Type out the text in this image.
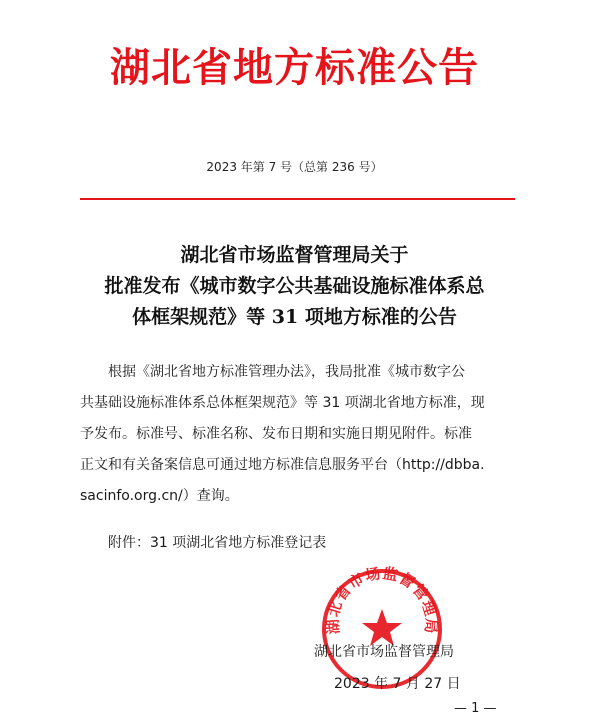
湖北省地方标准公告
2023 年第 7 号（总第 236 号）
湖北省市场监督管理局关于
批准发布《城市数字公共基础设施标准体系总
体框架规范》等 31 项地方标准的公告
根据《湖北省地方标准管理办法》，我局批准《城市数字公
共基础设施标准体系总体框架规范》等 31 项湖北省地方标准，现
予发布。标准号、标准名称、发布日期和实施日期见附件。标准
正文和有关备案信息可通过地方标准信息服务平台（http://dbba.
sacinfo.org.cn/）查询。
附件：31 项湖北省地方标准登记表
湖北省市场监督管理局
湖北省市场监督管理局
2023 年 7 月 27 日
— 1 —
